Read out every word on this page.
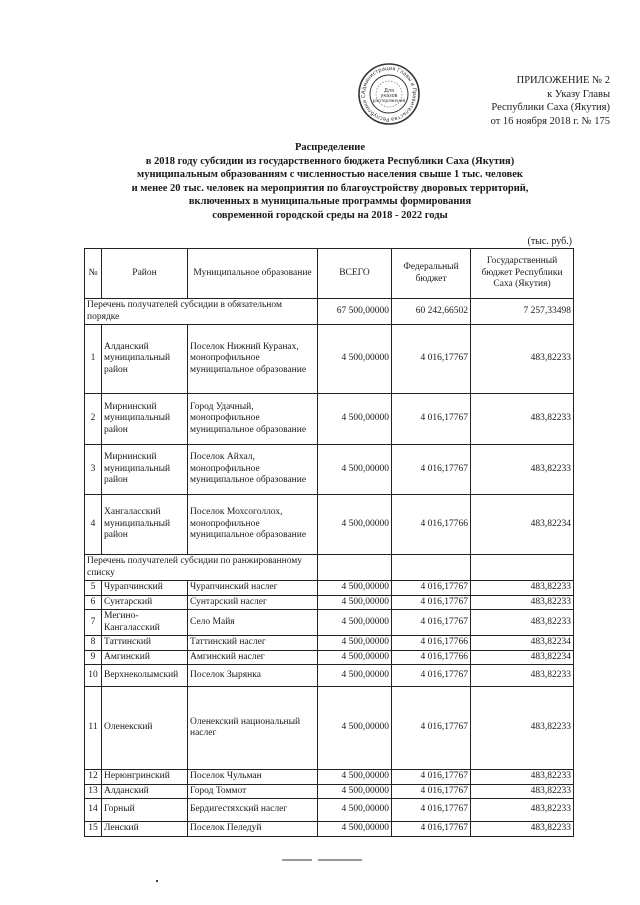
Администрация Главы и Правительства Республики С
Для
указов
распоряжений
ПРИЛОЖЕНИЕ № 2
к Указу Главы
Республики Саха (Якутия)
от 16 ноября 2018 г. № 175
Распределение
в 2018 году субсидии из государственного бюджета Республики Саха (Якутия)
муниципальным образованиям с численностью населения свыше 1 тыс. человек
и менее 20 тыс. человек на мероприятия по благоустройству дворовых территорий,
включенных в муниципальные программы формирования
современной городской среды на 2018 - 2022 годы
(тыс. руб.)
№	Район	Муниципальное образование	ВСЕГО	Федеральный бюджет	Государственный бюджет Республики Саха (Якутия)
Перечень получателей субсидии в обязательном порядке			67 500,00000	60 242,66502	7 257,33498
1	Алданский муниципальный район	Поселок Нижний Куранах, монопрофильное муниципальное образование	4 500,00000	4 016,17767	483,82233
2	Мирнинский муниципальный район	Город Удачный, монопрофильное муниципальное образование	4 500,00000	4 016,17767	483,82233
3	Мирнинский муниципальный район	Поселок Айхал, монопрофильное муниципальное образование	4 500,00000	4 016,17767	483,82233
4	Хангаласский муниципальный район	Поселок Мохсоголлох, монопрофильное муниципальное образование	4 500,00000	4 016,17766	483,82234
Перечень получателей субсидии по ранжированному списку					
5	Чурапчинский	Чурапчинский наслег	4 500,00000	4 016,17767	483,82233
6	Сунтарский	Сунтарский наслег	4 500,00000	4 016,17767	483,82233
7	Мегино-Кангаласский	Село Майя	4 500,00000	4 016,17767	483,82233
8	Таттинский	Таттинский наслег	4 500,00000	4 016,17766	483,82234
9	Амгинский	Амгинский наслег	4 500,00000	4 016,17766	483,82234
10	Верхнеколымский	Поселок Зырянка	4 500,00000	4 016,17767	483,82233
11	Оленекский	Оленекский национальный наслег	4 500,00000	4 016,17767	483,82233
12	Нерюнгринский	Поселок Чульман	4 500,00000	4 016,17767	483,82233
13	Алданский	Город Томмот	4 500,00000	4 016,17767	483,82233
14	Горный	Бердигестяхский наслег	4 500,00000	4 016,17767	483,82233
15	Ленский	Поселок Пеледуй	4 500,00000	4 016,17767	483,82233
